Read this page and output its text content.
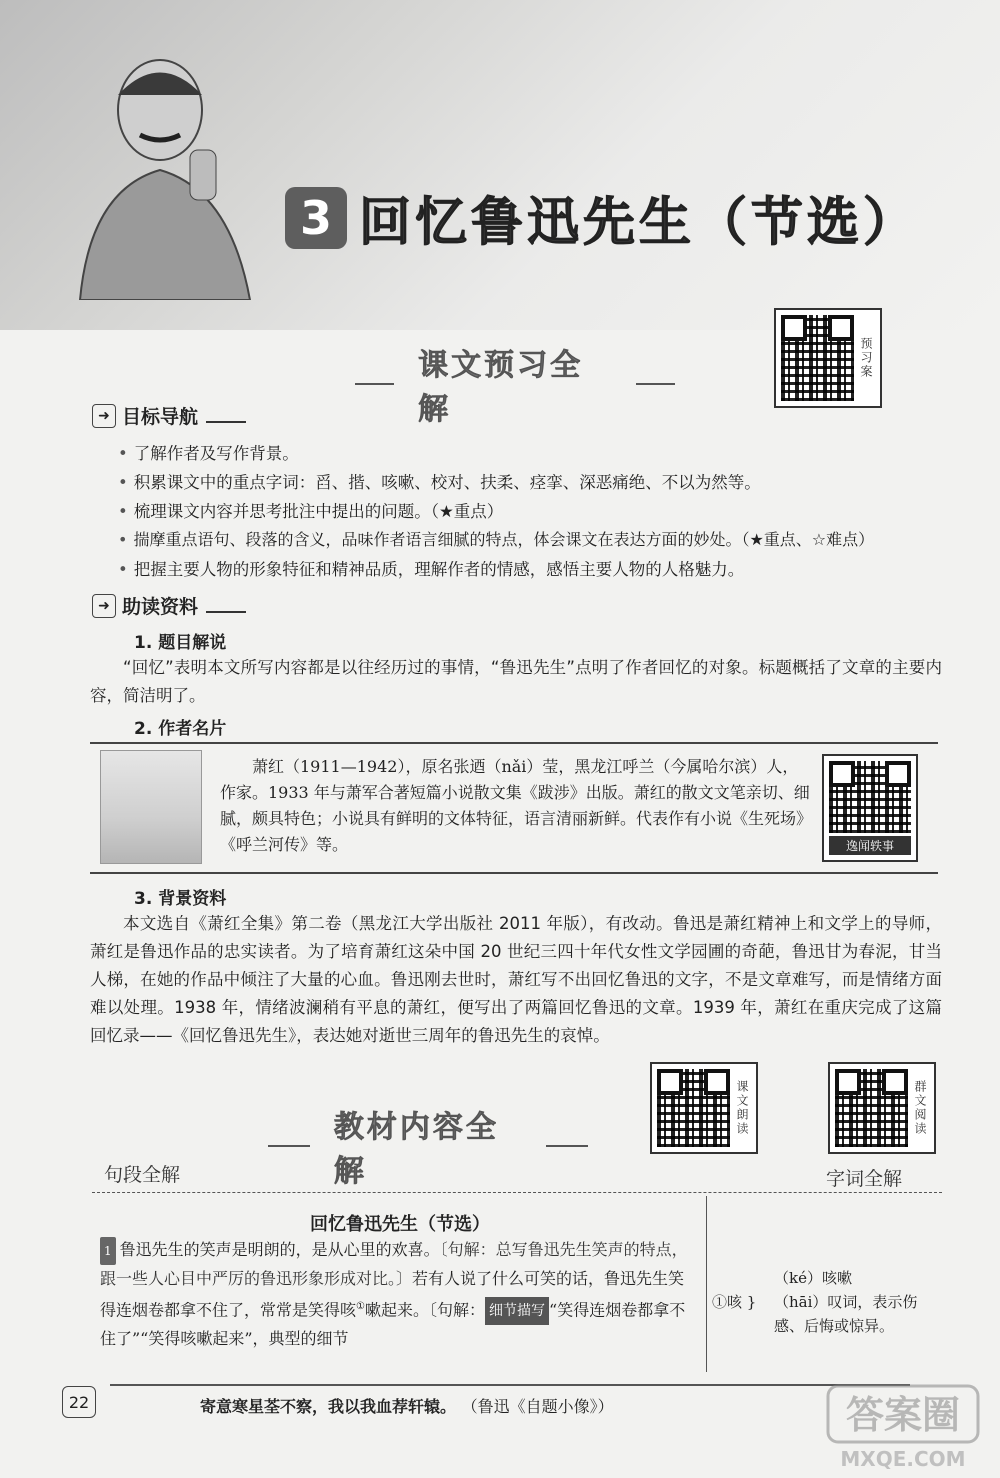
3 回忆鲁迅先生（节选）
课文预习全解
预习案
➜ 目标导航
• 了解作者及写作背景。
• 积累课文中的重点字词：舀、揩、咳嗽、校对、扶柔、痉挛、深恶痛绝、不以为然等。
• 梳理课文内容并思考批注中提出的问题。（★重点）
• 揣摩重点语句、段落的含义，品味作者语言细腻的特点，体会课文在表达方面的妙处。（★重点、☆难点）
• 把握主要人物的形象特征和精神品质，理解作者的情感，感悟主要人物的人格魅力。
➜ 助读资料
1. 题目解说
“回忆”表明本文所写内容都是以往经历过的事情，“鲁迅先生”点明了作者回忆的对象。标题概括了文章的主要内容，简洁明了。
2. 作者名片
萧红（1911—1942），原名张迺（nǎi）莹，黑龙江呼兰（今属哈尔滨）人，作家。1933 年与萧军合著短篇小说散文集《跋涉》出版。萧红的散文文笔亲切、细腻，颇具特色；小说具有鲜明的文体特征，语言清丽新鲜。代表作有小说《生死场》《呼兰河传》等。	逸闻轶事
3. 背景资料
本文选自《萧红全集》第二卷（黑龙江大学出版社 2011 年版），有改动。鲁迅是萧红精神上和文学上的导师，萧红是鲁迅作品的忠实读者。为了培育萧红这朵中国 20 世纪三四十年代女性文学园圃的奇葩，鲁迅甘为春泥，甘当人梯，在她的作品中倾注了大量的心血。鲁迅刚去世时，萧红写不出回忆鲁迅的文字，不是文章难写，而是情绪方面难以处理。1938 年，情绪波澜稍有平息的萧红，便写出了两篇回忆鲁迅的文章。1939 年，萧红在重庆完成了这篇回忆录——《回忆鲁迅先生》，表达她对逝世三周年的鲁迅先生的哀悼。
课文朗读	群文阅读
教材内容全解
句段全解	字词全解
回忆鲁迅先生（节选）
1 鲁迅先生的笑声是明朗的，是从心里的欢喜。〔句解：总写鲁迅先生笑声的特点，跟一些人心目中严厉的鲁迅形象形成对比。〕若有人说了什么可笑的话，鲁迅先生笑得连烟卷都拿不住了，常常是笑得咳①嗽起来。〔句解： 细节描写 “笑得连烟卷都拿不住了”“笑得咳嗽起来”，典型的细节
①咳 }
（ké）咳嗽
（hāi）叹词，表示伤感、后悔或惊异。
22	寄意寒星荃不察，我以我血荐轩辕。 （鲁迅《自题小像》）	答案圈
MXQE.COM
